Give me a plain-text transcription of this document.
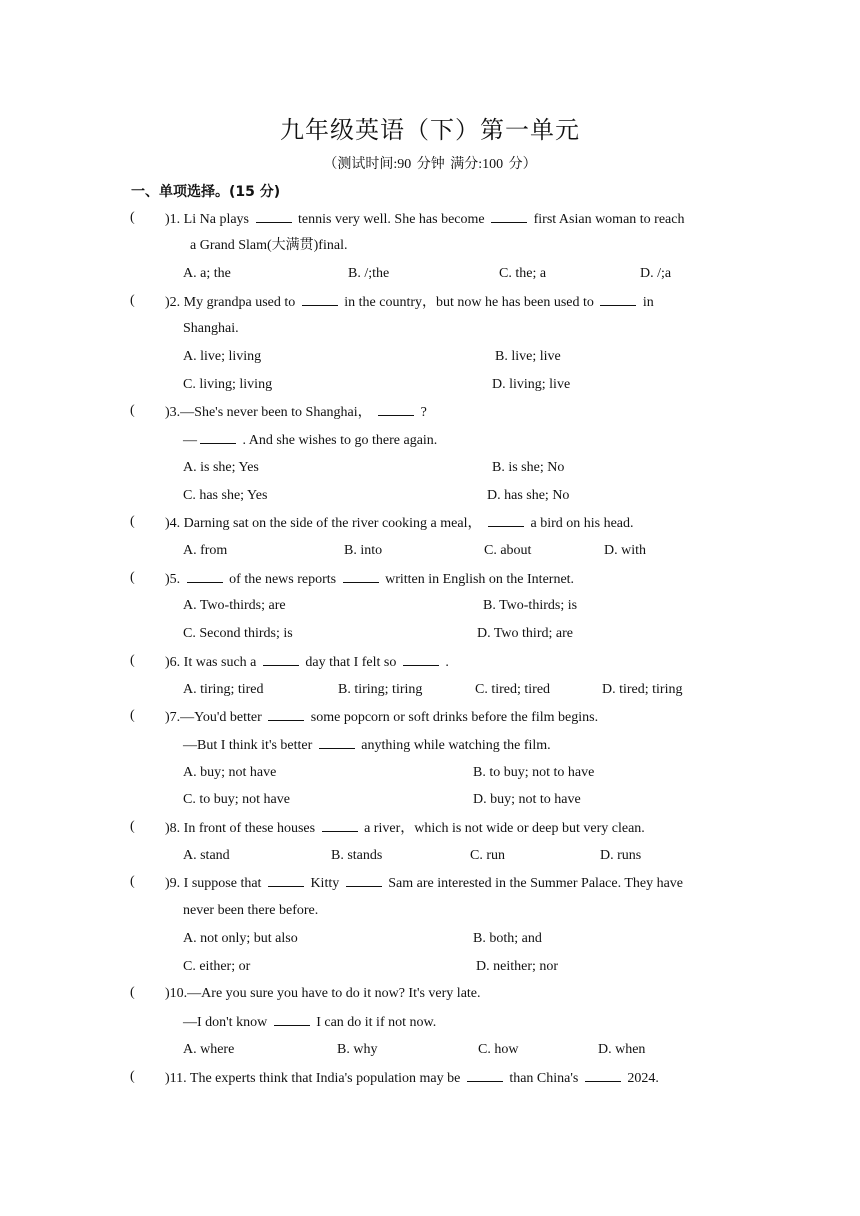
九年级英语（下）第一单元
（测试时间:90 分钟 满分:100 分）
一、单项选择。(15 分)
( )1. Li Na plays	tennis very well. She has become	first Asian woman to reach
a Grand Slam(大满贯)final.
A. a; the	B. /;the	C. the; a	D. /;a
( )2. My grandpa used to	in the country，but now he has been used to	in
Shanghai.
A. live; living	B. live; live
C. living; living	D. living; live
( )3.—She's never been to Shanghai，	?
—	. And she wishes to go there again.
A. is she; Yes	B. is she; No
C. has she; Yes	D. has she; No
( )4. Darning sat on the side of the river cooking a meal，	a bird on his head.
A. from	B. into	C. about	D. with
( )5.	of the news reports	written in English on the Internet.
A. Two-thirds; are	B. Two-thirds; is
C. Second thirds; is	D. Two third; are
( )6. It was such a	day that I felt so	.
A. tiring; tired	B. tiring; tiring	C. tired; tired	D. tired; tiring
( )7.—You'd better	some popcorn or soft drinks before the film begins.
—But I think it's better	anything while watching the film.
A. buy; not have	B. to buy; not to have
C. to buy; not have	D. buy; not to have
( )8. In front of these houses	a river，which is not wide or deep but very clean.
A. stand	B. stands	C. run	D. runs
( )9. I suppose that	Kitty	Sam are interested in the Summer Palace. They have
never been there before.
A. not only; but also	B. both; and
C. either; or	D. neither; nor
( )10.—Are you sure you have to do it now? It's very late.
—I don't know	I can do it if not now.
A. where	B. why	C. how	D. when
( )11. The experts think that India's population may be	than China's	2024.
